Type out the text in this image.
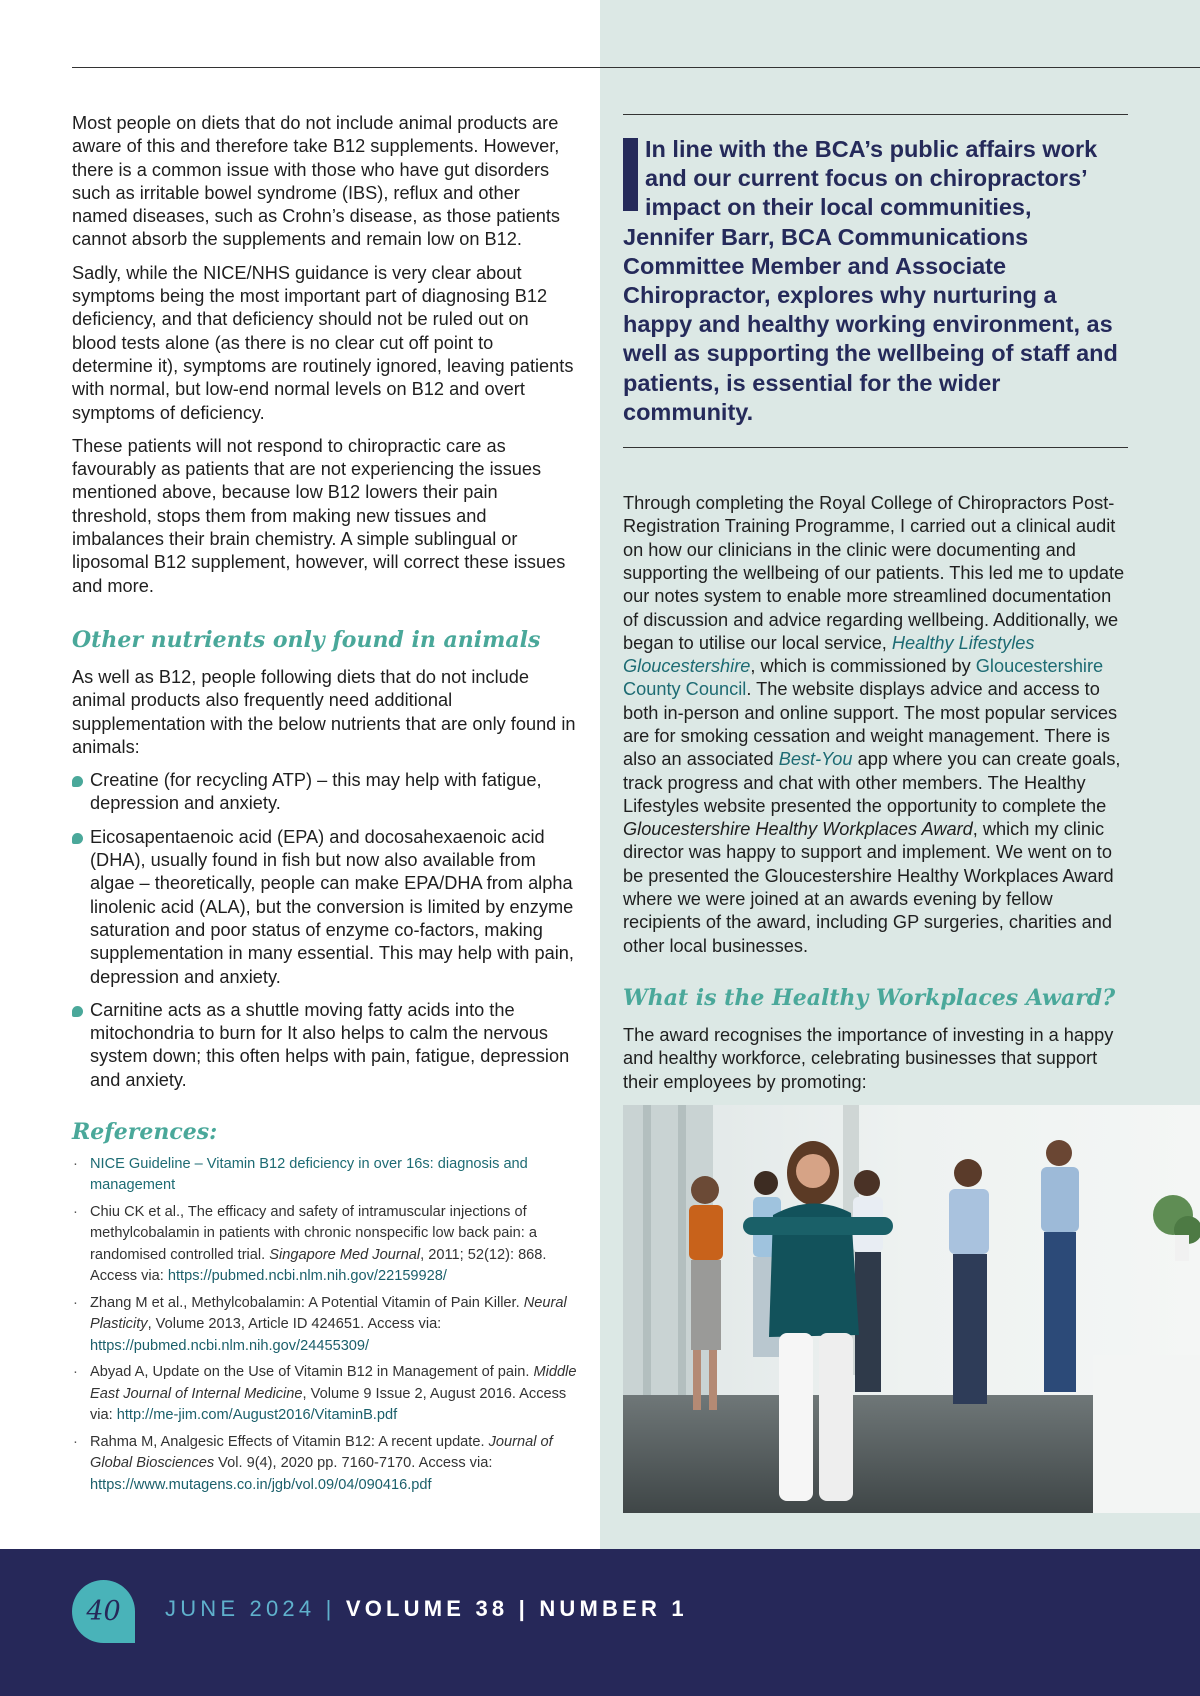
Most people on diets that do not include animal products are aware of this and therefore take B12 supplements. However, there is a common issue with those who have gut disorders such as irritable bowel syndrome (IBS), reflux and other named diseases, such as Crohn’s disease, as those patients cannot absorb the supplements and remain low on B12.

Sadly, while the NICE/NHS guidance is very clear about symptoms being the most important part of diagnosing B12 deficiency, and that deficiency should not be ruled out on blood tests alone (as there is no clear cut off point to determine it), symptoms are routinely ignored, leaving patients with normal, but low-end normal levels on B12 and overt symptoms of deficiency.

These patients will not respond to chiropractic care as favourably as patients that are not experiencing the issues mentioned above, because low B12 lowers their pain threshold, stops them from making new tissues and imbalances their brain chemistry. A simple sublingual or liposomal B12 supplement, however, will correct these issues and more.

Other nutrients only found in animals

As well as B12, people following diets that do not include animal products also frequently need additional supplementation with the below nutrients that are only found in animals:

Creatine (for recycling ATP) – this may help with fatigue, depression and anxiety.
Eicosapentaenoic acid (EPA) and docosahexaenoic acid (DHA), usually found in fish but now also available from algae – theoretically, people can make EPA/DHA from alpha linolenic acid (ALA), but the conversion is limited by enzyme saturation and poor status of enzyme co-factors, making supplementation in many essential. This may help with pain, depression and anxiety.
Carnitine acts as a shuttle moving fatty acids into the mitochondria to burn for It also helps to calm the nervous system down; this often helps with pain, fatigue, depression and anxiety.
References:
· NICE Guideline – Vitamin B12 deficiency in over 16s: diagnosis and management
· Chiu CK et al., The efficacy and safety of intramuscular injections of methylcobalamin in patients with chronic nonspecific low back pain: a randomised controlled trial. Singapore Med Journal, 2011; 52(12): 868. Access via: https://pubmed.ncbi.nlm.nih.gov/22159928/
· Zhang M et al., Methylcobalamin: A Potential Vitamin of Pain Killer. Neural Plasticity, Volume 2013, Article ID 424651. Access via: https://pubmed.ncbi.nlm.nih.gov/24455309/
· Abyad A, Update on the Use of Vitamin B12 in Management of pain. Middle East Journal of Internal Medicine, Volume 9 Issue 2, August 2016. Access via: http://me-jim.com/August2016/VitaminB.pdf
· Rahma M, Analgesic Effects of Vitamin B12: A recent update. Journal of Global Biosciences Vol. 9(4), 2020 pp. 7160-7170. Access via: https://www.mutagens.co.in/jgb/vol.09/04/090416.pdf
In line with the BCA’s public affairs work and our current focus on chiropractors’ impact on their local communities, Jennifer Barr, BCA Communications Committee Member and Associate Chiropractor, explores why nurturing a happy and healthy working environment, as well as supporting the wellbeing of staff and patients, is essential for the wider community.

Through completing the Royal College of Chiropractors Post-Registration Training Programme, I carried out a clinical audit on how our clinicians in the clinic were documenting and supporting the wellbeing of our patients. This led me to update our notes system to enable more streamlined documentation of discussion and advice regarding wellbeing. Additionally, we began to utilise our local service, Healthy Lifestyles Gloucestershire, which is commissioned by Gloucestershire County Council. The website displays advice and access to both in-person and online support. The most popular services are for smoking cessation and weight management. There is also an associated Best-You app where you can create goals, track progress and chat with other members. The Healthy Lifestyles website presented the opportunity to complete the Gloucestershire Healthy Workplaces Award, which my clinic director was happy to support and implement. We went on to be presented the Gloucestershire Healthy Workplaces Award where we were joined at an awards evening by fellow recipients of the award, including GP surgeries, charities and other local businesses.

What is the Healthy Workplaces Award?

The award recognises the importance of investing in a happy and healthy workforce, celebrating businesses that support their employees by promoting:

40	JUNE 2024 | VOLUME 38 | NUMBER 1
